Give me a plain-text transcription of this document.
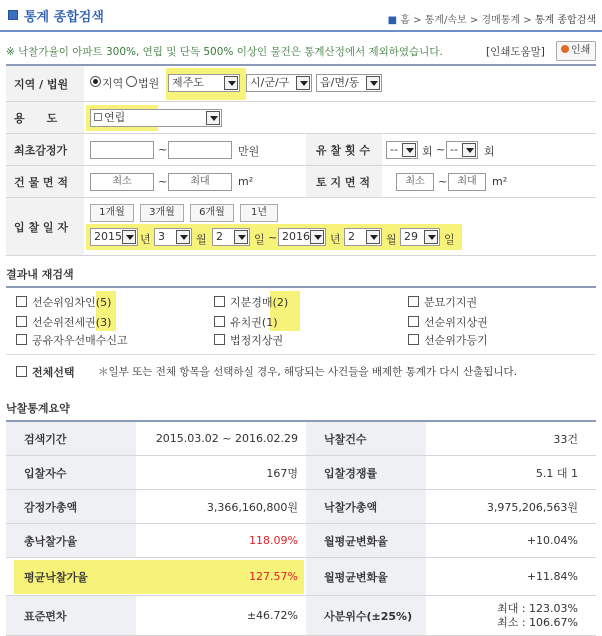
통계 종합검색	■ 홈 > 통계/속보 > 경매통계 > 통계 종합검색
※ 낙찰가율이 아파트 300%, 연립 및 단독 500% 이상인 물건은 통계산정에서 제외하였습니다.	[인쇄도움말]	인쇄
지역 / 법원	지역 법원	제주도	시/군/구	읍/면/동
용　　도	연립
최초감정가	~	만원	유 찰 횟 수	--	회 ~ --	회
건 물 면 적	최소	~	최대	m²	토 지 면 적	최소	~	최대	m²
입 찰 일 자
1개월	3개월	6개월	1년
2015	년 3	월 2	일 ~ 2016	년 2	월 29	일
결과내 재검색
선순위임차인(5)	지분경매(2)	분묘기지권
선순위전세권(3)	유치권(1)	선순위지상권
공유자우선매수신고	법정지상권	선순위가등기
전체선택 ＊일부 또는 전체 항목을 선택하실 경우, 해당되는 사건들을 배제한 통계가 다시 산출됩니다.
낙찰통계요약
검색기간	2015.03.02 ~ 2016.02.29	낙찰건수	33건
입찰자수	167명	입찰경쟁률	5.1 대 1
감정가총액	3,366,160,800원	낙찰가총액	3,975,206,563원
총낙찰가율	118.09%	월평균변화율	+10.04%
평균낙찰가율	127.57%	월평균변화율	+11.84%
표준편차	±46.72%	사분위수(±25%)
최대 : 123.03%
최소 : 106.67%
